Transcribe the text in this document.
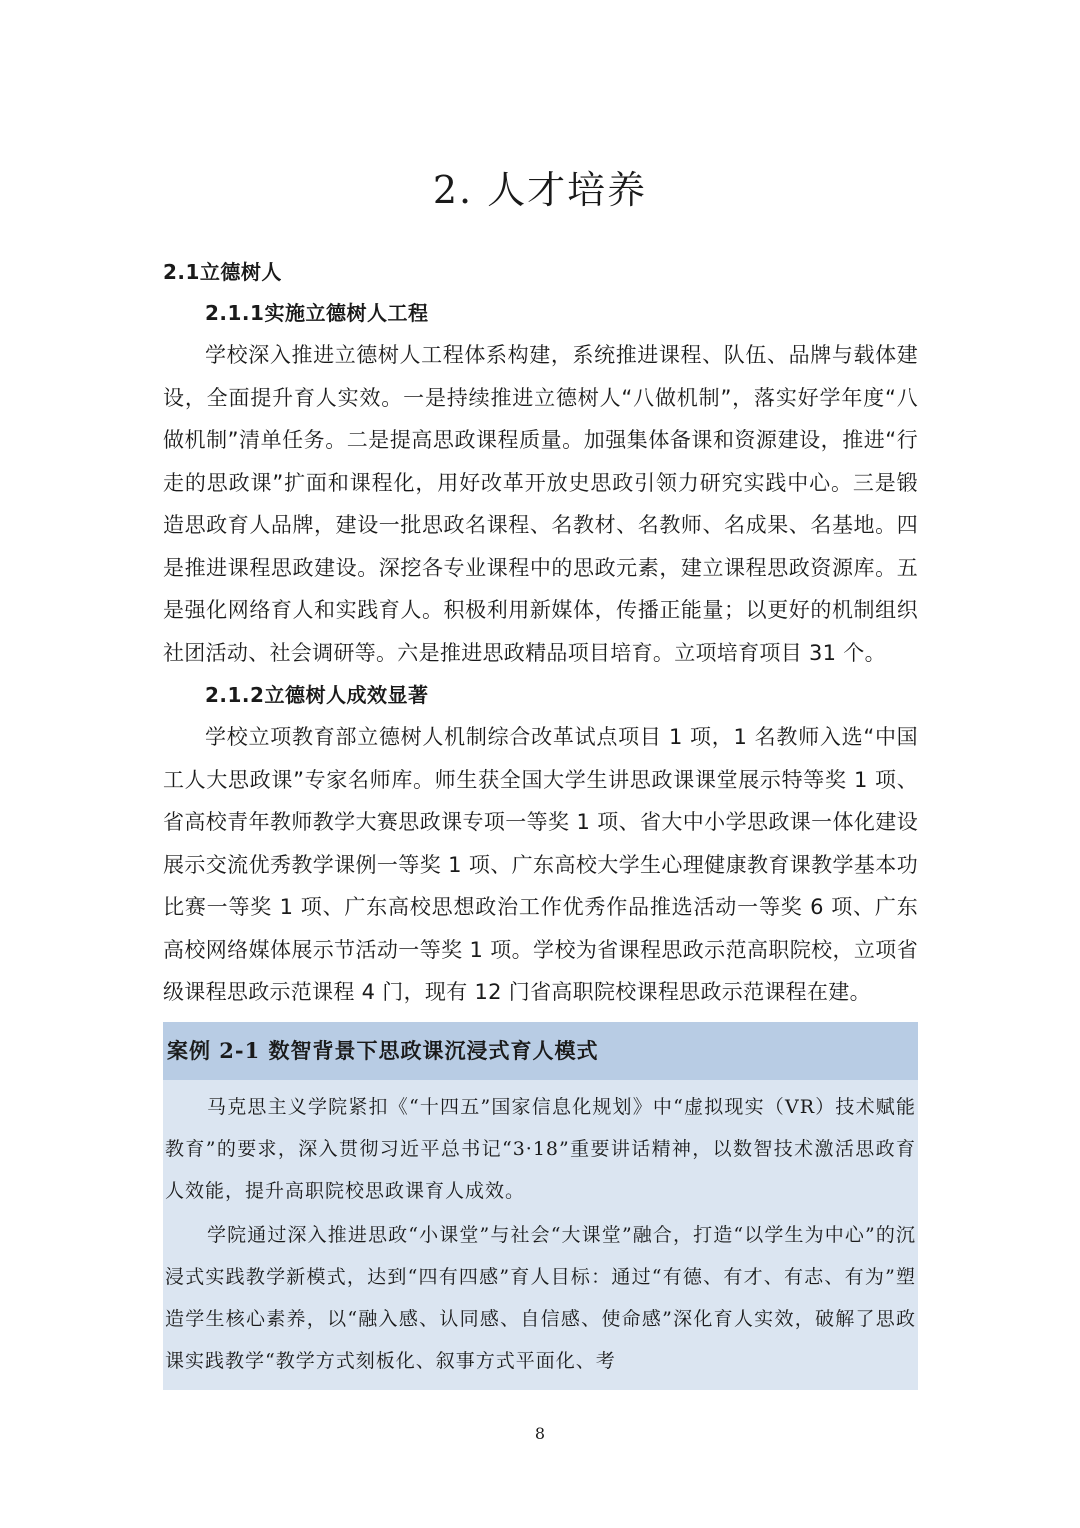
2. 人才培养
2.1立德树人
2.1.1实施立德树人工程

学校深入推进立德树人工程体系构建，系统推进课程、队伍、品牌与载体建设，全面提升育人实效。一是持续推进立德树人“八做机制”，落实好学年度“八做机制”清单任务。二是提高思政课程质量。加强集体备课和资源建设，推进“行走的思政课”扩面和课程化，用好改革开放史思政引领力研究实践中心。三是锻造思政育人品牌，建设一批思政名课程、名教材、名教师、名成果、名基地。四是推进课程思政建设。深挖各专业课程中的思政元素，建立课程思政资源库。五是强化网络育人和实践育人。积极利用新媒体，传播正能量；以更好的机制组织社团活动、社会调研等。六是推进思政精品项目培育。立项培育项目 31 个。

2.1.2立德树人成效显著

学校立项教育部立德树人机制综合改革试点项目 1 项，1 名教师入选“中国工人大思政课”专家名师库。师生获全国大学生讲思政课课堂展示特等奖 1 项、省高校青年教师教学大赛思政课专项一等奖 1 项、省大中小学思政课一体化建设展示交流优秀教学课例一等奖 1 项、广东高校大学生心理健康教育课教学基本功比赛一等奖 1 项、广东高校思想政治工作优秀作品推选活动一等奖 6 项、广东高校网络媒体展示节活动一等奖 1 项。学校为省课程思政示范高职院校，立项省级课程思政示范课程 4 门，现有 12 门省高职院校课程思政示范课程在建。

案例 2-1 数智背景下思政课沉浸式育人模式

马克思主义学院紧扣《“十四五”国家信息化规划》中“虚拟现实（VR）技术赋能教育”的要求，深入贯彻习近平总书记“3·18”重要讲话精神，以数智技术激活思政育人效能，提升高职院校思政课育人成效。

学院通过深入推进思政“小课堂”与社会“大课堂”融合，打造“以学生为中心”的沉浸式实践教学新模式，达到“四有四感”育人目标：通过“有德、有才、有志、有为”塑造学生核心素养，以“融入感、认同感、自信感、使命感”深化育人实效，破解了思政课实践教学“教学方式刻板化、叙事方式平面化、考

8
